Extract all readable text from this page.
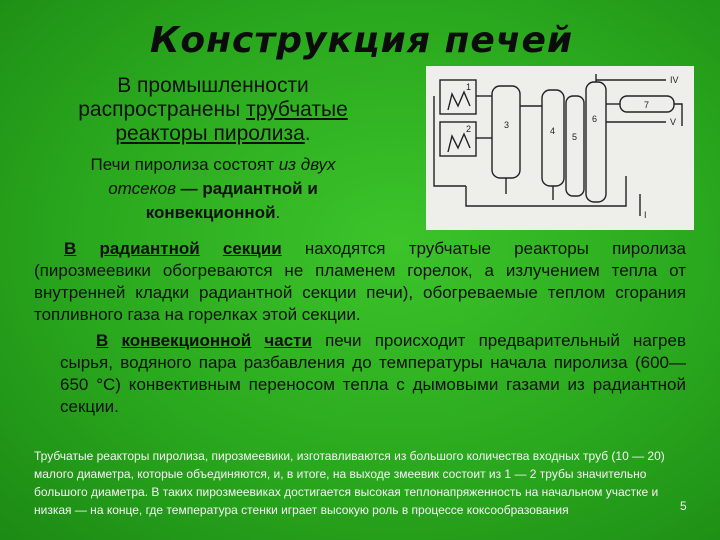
Конструкция печей
В промышленности
распространены трубчатые
реакторы пиролиза.
Печи пиролиза состоят из двух
отсеков — радиантной и
конвекционной.
1
2	3
4
5
6
7
IV
V
I
В радиантной секции находятся трубчатые реакторы пиролиза (пирозмеевики обогреваются не пламенем горелок, а излучением тепла от внутренней кладки радиантной секции печи), обогреваемые теплом сгорания топливного газа на горелках этой секции.
В конвекционной части печи происходит предварительный нагрев сырья, водяного пара разбавления до температуры начала пиролиза (600—650 °С) конвективным переносом тепла с дымовыми газами из радиантной секции.
Трубчатые реакторы пиролиза, пирозмеевики, изготавливаются из большого количества входных труб (10 — 20) малого диаметра, которые объединяются, и, в итоге, на выходе змеевик состоит из 1 — 2 трубы значительно большого диаметра. В таких пирозмеевиках достигается высокая теплонапряженность на начальном участке и низкая — на конце, где температура стенки играет высокую роль в процессе коксообразования	5
